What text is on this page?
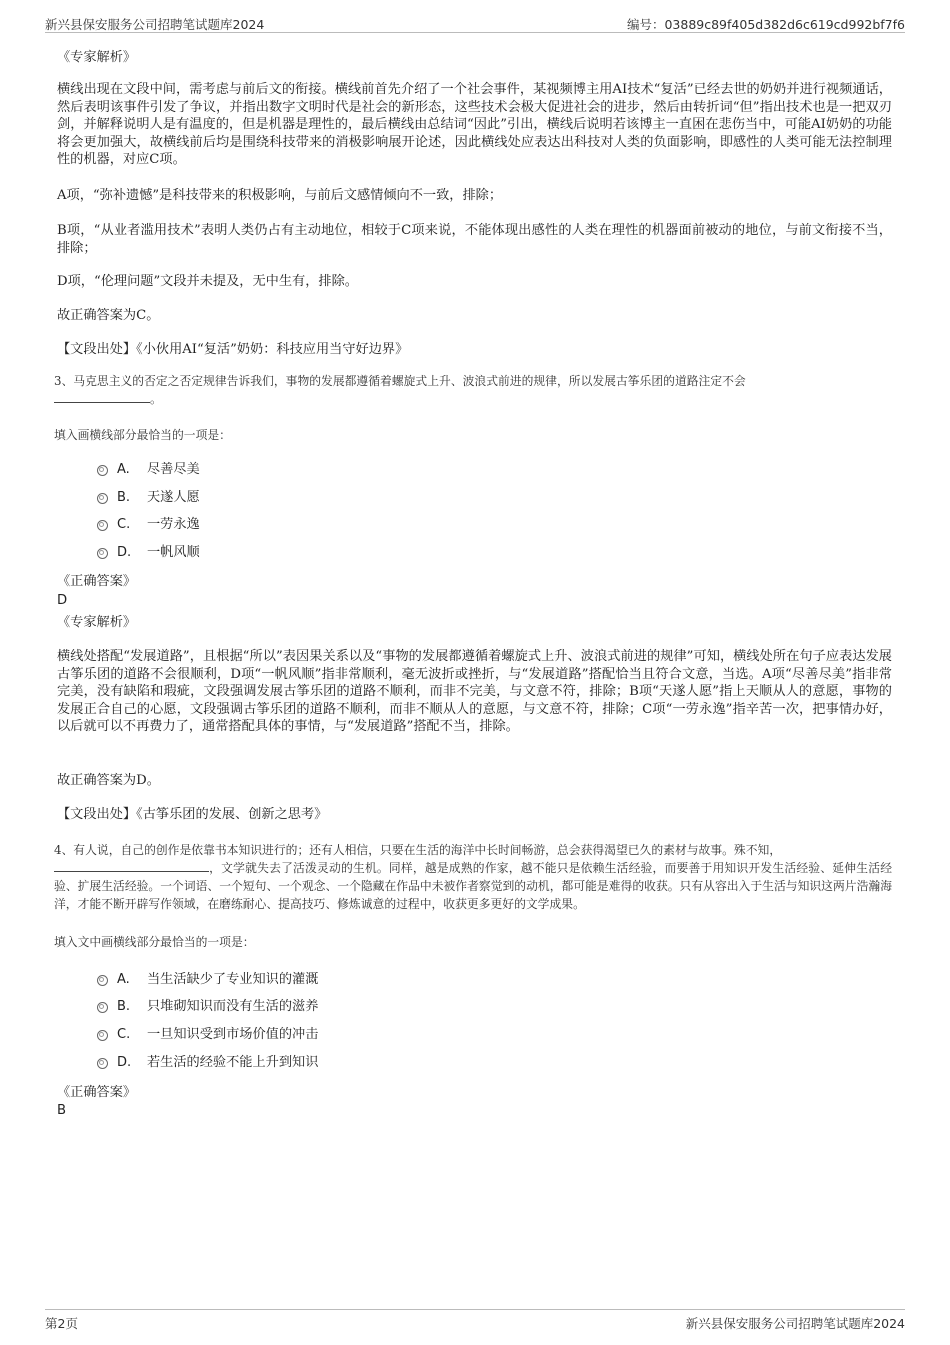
新兴县保安服务公司招聘笔试题库2024	编号：03889c89f405d382d6c619cd992bf7f6
《专家解析》
横线出现在文段中间，需考虑与前后文的衔接。横线前首先介绍了一个社会事件，某视频博主用AI技术“复活”已经去世的奶奶并进行视频通话，然后表明该事件引发了争议，并指出数字文明时代是社会的新形态，这些技术会极大促进社会的进步，然后由转折词“但”指出技术也是一把双刃剑，并解释说明人是有温度的，但是机器是理性的，最后横线由总结词“因此”引出，横线后说明若该博主一直困在悲伤当中，可能AI奶奶的功能将会更加强大，故横线前后均是围绕科技带来的消极影响展开论述，因此横线处应表达出科技对人类的负面影响，即感性的人类可能无法控制理性的机器，对应C项。
A项，“弥补遗憾”是科技带来的积极影响，与前后文感情倾向不一致，排除；
B项，“从业者滥用技术”表明人类仍占有主动地位，相较于C项来说，不能体现出感性的人类在理性的机器面前被动的地位，与前文衔接不当，排除；
D项，“伦理问题”文段并未提及，无中生有，排除。
故正确答案为C。
【文段出处】《小伙用AI“复活”奶奶：科技应用当守好边界》
3、马克思主义的否定之否定规律告诉我们，事物的发展都遵循着螺旋式上升、波浪式前进的规律，所以发展古筝乐团的道路注定不会
。
填入画横线部分最恰当的一项是：
A. 尽善尽美
B. 天遂人愿
C. 一劳永逸
D. 一帆风顺
《正确答案》
D
《专家解析》
横线处搭配“发展道路”，且根据“所以”表因果关系以及“事物的发展都遵循着螺旋式上升、波浪式前进的规律”可知，横线处所在句子应表达发展古筝乐团的道路不会很顺利，D项“一帆风顺”指非常顺利，毫无波折或挫折，与“发展道路”搭配恰当且符合文意，当选。A项“尽善尽美”指非常完美，没有缺陷和瑕疵，文段强调发展古筝乐团的道路不顺利，而非不完美，与文意不符，排除；B项“天遂人愿”指上天顺从人的意愿，事物的发展正合自己的心愿，文段强调古筝乐团的道路不顺利，而非不顺从人的意愿，与文意不符，排除；C项“一劳永逸”指辛苦一次，把事情办好，以后就可以不再费力了，通常搭配具体的事情，与“发展道路”搭配不当，排除。
故正确答案为D。
【文段出处】《古筝乐团的发展、创新之思考》
4、有人说，自己的创作是依靠书本知识进行的；还有人相信，只要在生活的海洋中长时间畅游，总会获得渴望已久的素材与故事。殊不知，
，文学就失去了活泼灵动的生机。同样，越是成熟的作家，越不能只是依赖生活经验，而要善于用知识开发生活经验、延伸生活经验、扩展生活经验。一个词语、一个短句、一个观念、一个隐藏在作品中未被作者察觉到的动机，都可能是难得的收获。只有从容出入于生活与知识这两片浩瀚海洋，才能不断开辟写作领域，在磨练耐心、提高技巧、修炼诚意的过程中，收获更多更好的文学成果。
填入文中画横线部分最恰当的一项是：
A. 当生活缺少了专业知识的灌溉
B. 只堆砌知识而没有生活的滋养
C. 一旦知识受到市场价值的冲击
D. 若生活的经验不能上升到知识
《正确答案》
B
第2页	新兴县保安服务公司招聘笔试题库2024
